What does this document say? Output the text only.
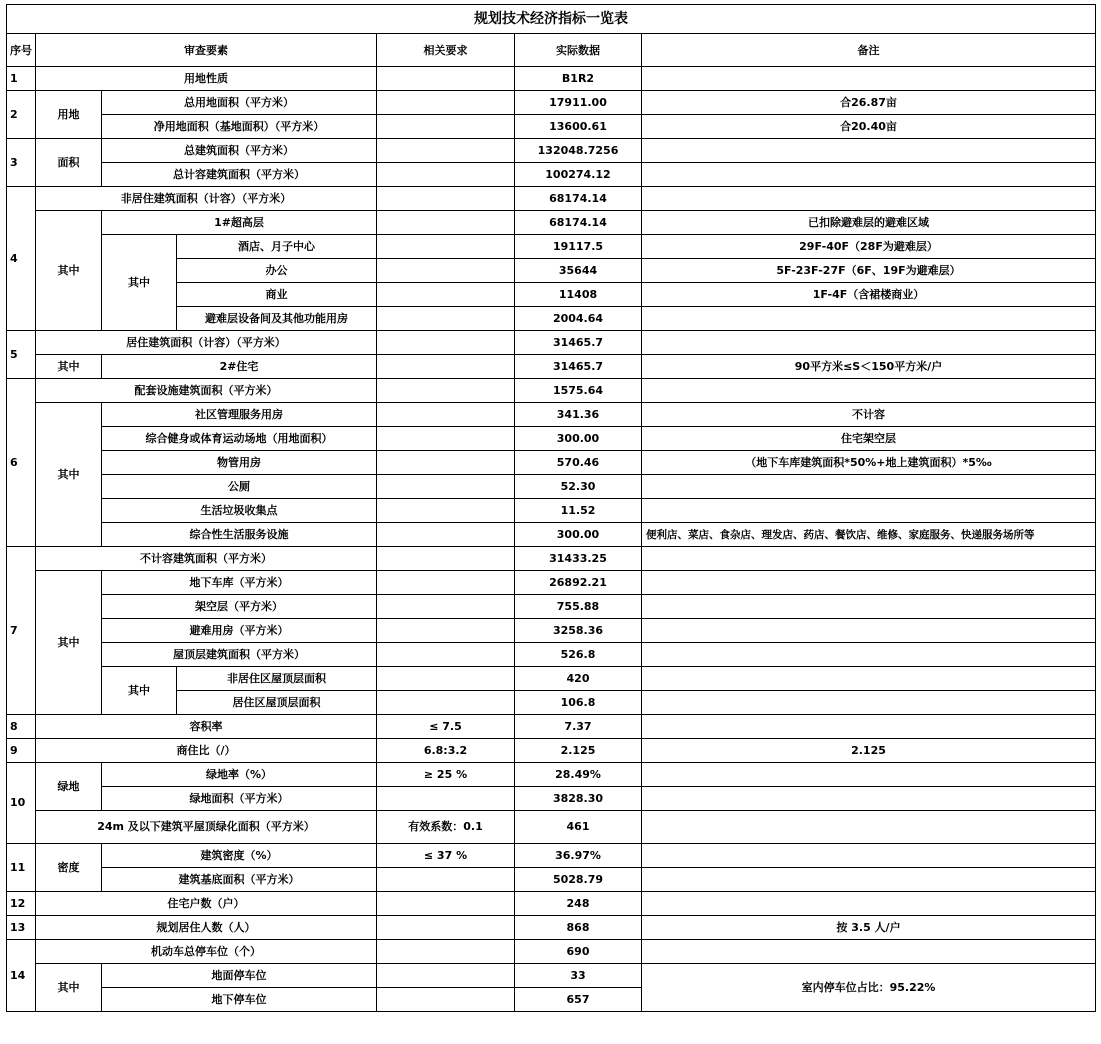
规划技术经济指标一览表						
序号	审查要素			相关要求	实际数据	备注
1	用地性质				B1R2	
2	用地	总用地面积（平方米）			17911.00	合26.87亩
		净用地面积（基地面积）（平方米）			13600.61	合20.40亩
3	面积	总建筑面积（平方米）			132048.7256	
		总计容建筑面积（平方米）			100274.12	
4	非居住建筑面积（计容）（平方米）				68174.14	
	其中	1#超高层			68174.14	已扣除避难层的避难区域
		其中	酒店、月子中心		19117.5	29F-40F（28F为避难层）
			办公		35644	5F-23F-27F（6F、19F为避难层）
			商业		11408	1F-4F（含裙楼商业）
			避难层设备间及其他功能用房		2004.64	
5	居住建筑面积（计容）（平方米）				31465.7	
	其中	2#住宅			31465.7	90平方米≤S＜150平方米/户
6	配套设施建筑面积（平方米）				1575.64	
	其中	社区管理服务用房			341.36	不计容
		综合健身或体育运动场地（用地面积）			300.00	住宅架空层
		物管用房			570.46	（地下车库建筑面积*50%+地上建筑面积）*5‰
		公厕			52.30	
		生活垃圾收集点			11.52	
		综合性生活服务设施			300.00	便利店、菜店、食杂店、理发店、药店、餐饮店、维修、家庭服务、快递服务场所等
7	不计容建筑面积（平方米）				31433.25	
	其中	地下车库（平方米）			26892.21	
		架空层（平方米）			755.88	
		避难用房（平方米）			3258.36	
		屋顶层建筑面积（平方米）			526.8	
		其中	非居住区屋顶层面积		420	
			居住区屋顶层面积		106.8	
8	容积率			≤ 7.5	7.37	
9	商住比（/）			6.8:3.2	2.125	2.125
10	绿地	绿地率（%）		≥ 25 %	28.49%	
		绿地面积（平方米）			3828.30	
	24m 及以下建筑平屋顶绿化面积（平方米）			有效系数：0.1	461	
11	密度	建筑密度（%）		≤ 37 %	36.97%	
		建筑基底面积（平方米）			5028.79	
12	住宅户数（户）				248	
13	规划居住人数（人）				868	按 3.5 人/户
14	机动车总停车位（个）				690	
	其中	地面停车位			33	室内停车位占比：95.22%
		地下停车位			657	
